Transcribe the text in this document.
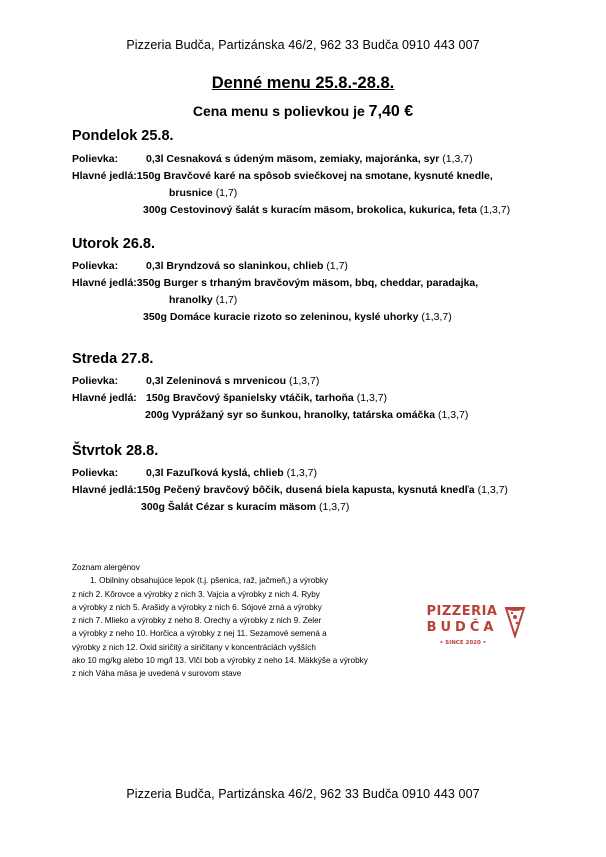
Pizzeria Budča, Partizánska 46/2, 962 33 Budča 0910 443 007
Denné menu 25.8.-28.8.
Cena menu s polievkou je 7,40 €
Pondelok 25.8.
Polievka:	0,3l Cesnaková s údeným mäsom, zemiaky, majoránka, syr (1,3,7)
Hlavné jedlá:150g Bravčové karé na spôsob sviečkovej na smotane, kysnuté knedle,
brusnice (1,7)
300g Cestovinový šalát s kuracím mäsom, brokolica, kukurica, feta (1,3,7)
Utorok 26.8.
Polievka:	0,3l Bryndzová so slaninkou, chlieb (1,7)
Hlavné jedlá:350g Burger s trhaným bravčovým mäsom, bbq, cheddar, paradajka,
hranolky (1,7)
350g Domáce kuracie rizoto so zeleninou, kyslé uhorky (1,3,7)
Streda 27.8.
Polievka:	0,3l Zeleninová s mrvenicou (1,3,7)
Hlavné jedlá: 150g Bravčový španielsky vtáčik, tarhoňa (1,3,7)
200g Vyprážaný syr so šunkou, hranolky, tatárska omáčka (1,3,7)
Štvrtok 28.8.
Polievka:	0,3l Fazuľková kyslá, chlieb (1,3,7)
Hlavné jedlá:150g Pečený bravčový bôčik, dusená biela kapusta, kysnutá knedľa (1,3,7)
300g Šalát Cézar s kuracím mäsom (1,3,7)
Zoznam alergénov
1. Obilniny obsahujúce lepok (t.j. pšenica, raž, jačmeň,) a výrobky
z nich 2. Kôrovce a výrobky z nich 3. Vajcia a výrobky z nich 4. Ryby
a výrobky z nich 5. Arašidy a výrobky z nich 6. Sójové zrná a výrobky
z nich 7. Mlieko a výrobky z neho 8. Orechy a výrobky z nich 9. Zeler
a výrobky z neho 10. Horčica a výrobky z nej 11. Sezamové semená a
výrobky z nich 12. Oxid siričitý a siričitany v koncentráciách vyšších
ako 10 mg/kg alebo 10 mg/l 13. Vlčí bob a výrobky z neho 14. Mäkkýše a výrobky
z nich Váha mäsa je uvedená v surovom stave
PIZZERIA
BUDČA
• SINCE 2020 •
Pizzeria Budča, Partizánska 46/2, 962 33 Budča 0910 443 007
